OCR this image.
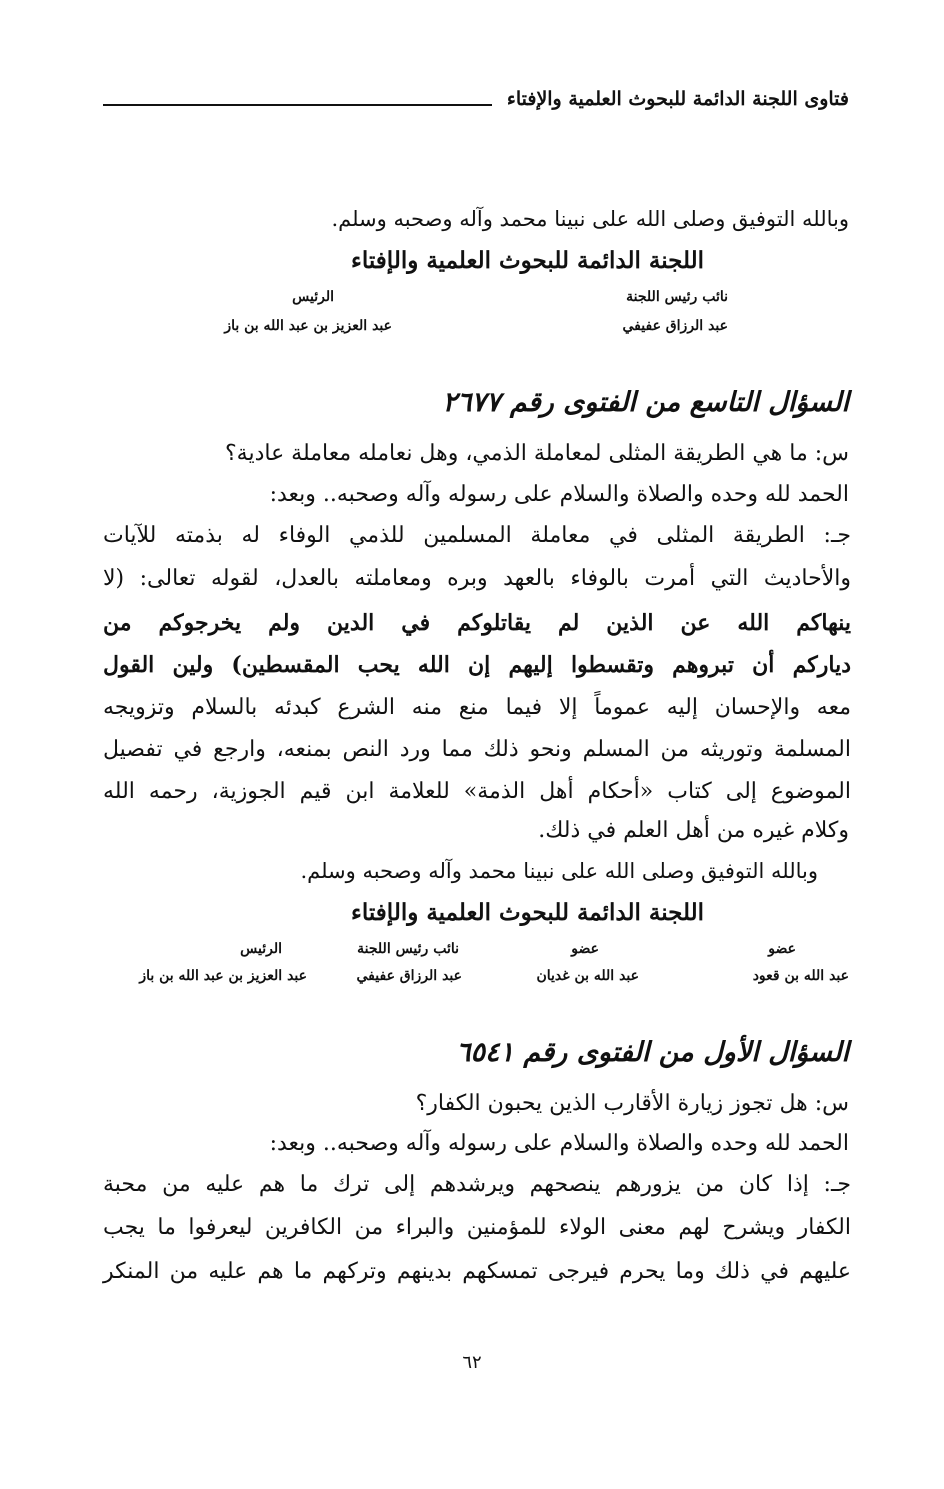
فتاوى اللجنة الدائمة للبحوث العلمية والإفتاء
وبالله التوفيق وصلى الله على نبينا محمد وآله وصحبه وسلم.
اللجنة الدائمة للبحوث العلمية والإفتاء
نائب رئيس اللجنة
عبد الرزاق عفيفي
الرئيس
عبد العزيز بن عبد الله بن باز
السؤال التاسع من الفتوى رقم ٢٦٧٧
س: ما هي الطريقة المثلى لمعاملة الذمي، وهل نعامله معاملة عادية؟
الحمد لله وحده والصلاة والسلام على رسوله وآله وصحبه.. وبعد:
جـ: الطريقة المثلى في معاملة المسلمين للذمي الوفاء له بذمته للآيات
والأحاديث التي أمرت بالوفاء بالعهد وبره ومعاملته بالعدل، لقوله تعالى: (لا
ينهاكم الله عن الذين لم يقاتلوكم في الدين ولم يخرجوكم من
دياركم أن تبروهم وتقسطوا إليهم إن الله يحب المقسطين) ولين القول
معه والإحسان إليه عموماً إلا فيما منع منه الشرع كبدئه بالسلام وتزويجه
المسلمة وتوريثه من المسلم ونحو ذلك مما ورد النص بمنعه، وارجع في تفصيل
الموضوع إلى كتاب «أحكام أهل الذمة» للعلامة ابن قيم الجوزية، رحمه الله
وكلام غيره من أهل العلم في ذلك.
وبالله التوفيق وصلى الله على نبينا محمد وآله وصحبه وسلم.
اللجنة الدائمة للبحوث العلمية والإفتاء
عضو
عبد الله بن قعود
عضو
عبد الله بن غديان
نائب رئيس اللجنة
عبد الرزاق عفيفي
الرئيس
عبد العزيز بن عبد الله بن باز
السؤال الأول من الفتوى رقم ٦٥٤١
س: هل تجوز زيارة الأقارب الذين يحبون الكفار؟
الحمد لله وحده والصلاة والسلام على رسوله وآله وصحبه.. وبعد:
جـ: إذا كان من يزورهم ينصحهم ويرشدهم إلى ترك ما هم عليه من محبة
الكفار ويشرح لهم معنى الولاء للمؤمنين والبراء من الكافرين ليعرفوا ما يجب
عليهم في ذلك وما يحرم فيرجى تمسكهم بدينهم وتركهم ما هم عليه من المنكر
٦٢
